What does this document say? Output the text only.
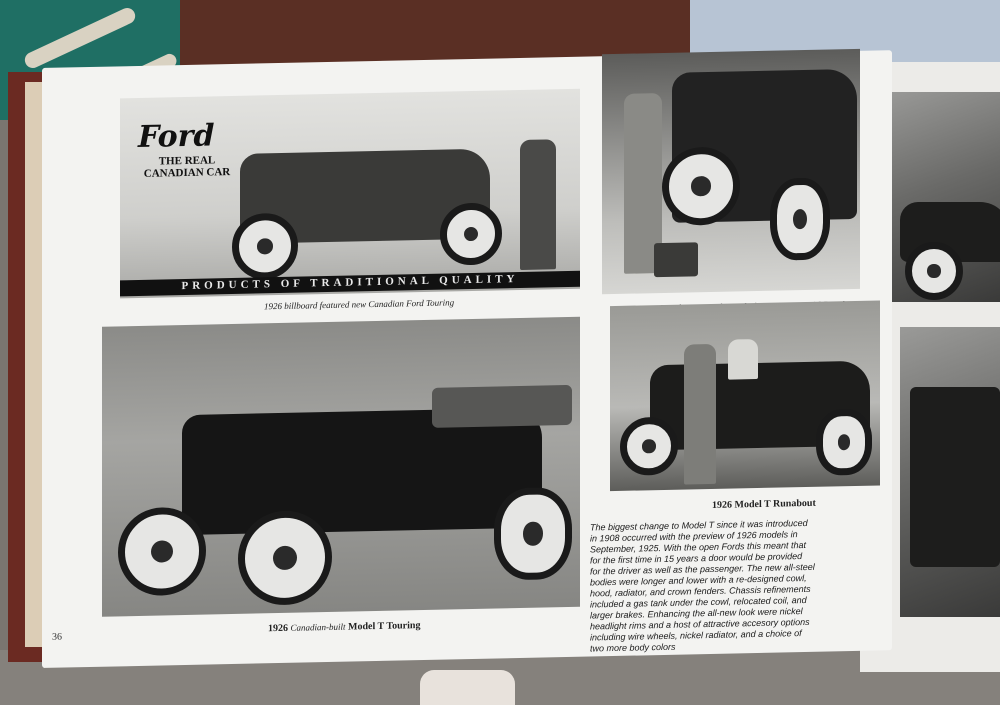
Ford
THE REAL
CANADIAN CAR
PRODUCTS OF TRADITIONAL QUALITY
1926 billboard featured new Canadian Ford Touring
1926 Canadian-built Model T Touring
1926 Model T Runabout
The biggest change to Model T since it was introduced in 1908 occurred with the preview of 1926 models in September, 1925. With the open Fords this meant that for the first time in 15 years a door would be provided for the driver as well as the passenger. The new all-steel bodies were longer and lower with a re-designed cowl, hood, radiator, and crown fenders. Chassis refinements included a gas tank under the cowl, relocated coil, and larger brakes. Enhancing the all-new look were nickel headlight rims and a host of attractive accesory options including wire wheels, nickel radiator, and a choice of two more body colors
36
